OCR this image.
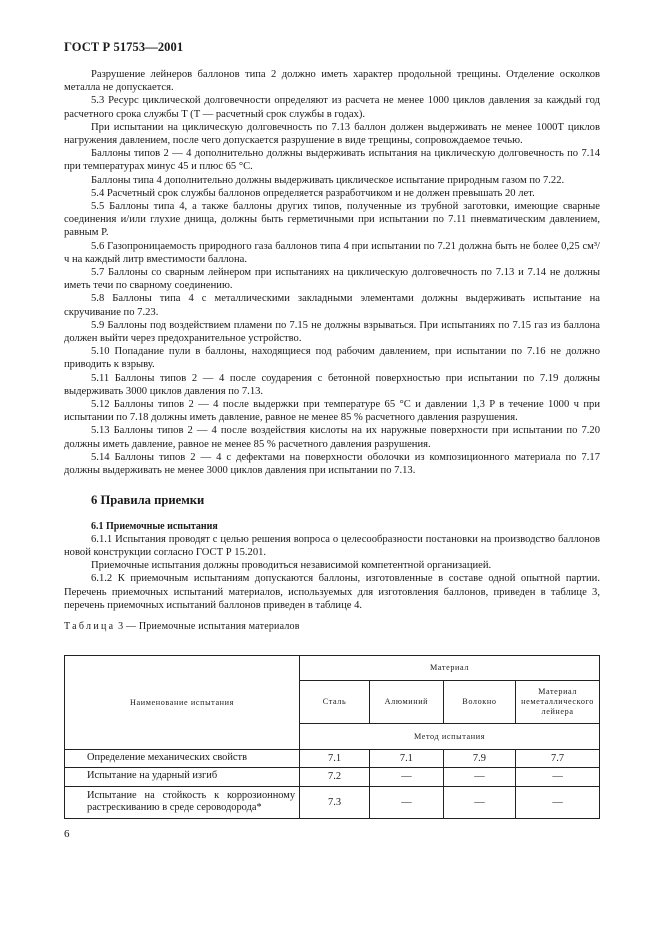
ГОСТ Р 51753—2001

Разрушение лейнеров баллонов типа 2 должно иметь характер продольной трещины. Отделение осколков металла не допускается.

5.3 Ресурс циклической долговечности определяют из расчета не менее 1000 циклов давления за каждый год расчетного срока службы T (T — расчетный срок службы в годах).

При испытании на циклическую долговечность по 7.13 баллон должен выдерживать не менее 1000T циклов нагружения давлением, после чего допускается разрушение в виде трещины, сопровождаемое течью.

Баллоны типов 2 — 4 дополнительно должны выдерживать испытания на циклическую долговечность по 7.14 при температурах минус 45 и плюс 65 °С.

Баллоны типа 4 дополнительно должны выдерживать циклическое испытание природным газом по 7.22.

5.4 Расчетный срок службы баллонов определяется разработчиком и не должен превышать 20 лет.

5.5 Баллоны типа 4, а также баллоны других типов, полученные из трубной заготовки, имеющие сварные соединения и/или глухие днища, должны быть герметичными при испытании по 7.11 пневматическим давлением, равным P.

5.6 Газопроницаемость природного газа баллонов типа 4 при испытании по 7.21 должна быть не более 0,25 см³/ч на каждый литр вместимости баллона.

5.7 Баллоны со сварным лейнером при испытаниях на циклическую долговечность по 7.13 и 7.14 не должны иметь течи по сварному соединению.

5.8 Баллоны типа 4 с металлическими закладными элементами должны выдерживать испытание на скручивание по 7.23.

5.9 Баллоны под воздействием пламени по 7.15 не должны взрываться. При испытаниях по 7.15 газ из баллона должен выйти через предохранительное устройство.

5.10 Попадание пули в баллоны, находящиеся под рабочим давлением, при испытании по 7.16 не должно приводить к взрыву.

5.11 Баллоны типов 2 — 4 после соударения с бетонной поверхностью при испытании по 7.19 должны выдерживать 3000 циклов давления по 7.13.

5.12 Баллоны типов 2 — 4 после выдержки при температуре 65 °С и давлении 1,3 P в течение 1000 ч при испытании по 7.18 должны иметь давление, равное не менее 85 % расчетного давления разрушения.

5.13 Баллоны типов 2 — 4 после воздействия кислоты на их наружные поверхности при испытании по 7.20 должны иметь давление, равное не менее 85 % расчетного давления разрушения.

5.14 Баллоны типов 2 — 4 с дефектами на поверхности оболочки из композиционного материала по 7.17 должны выдерживать не менее 3000 циклов давления при испытании по 7.13.

6 Правила приемки

6.1 Приемочные испытания

6.1.1 Испытания проводят с целью решения вопроса о целесообразности постановки на производство баллонов новой конструкции согласно ГОСТ Р 15.201.

Приемочные испытания должны проводиться независимой компетентной организацией.

6.1.2 К приемочным испытаниям допускаются баллоны, изготовленные в составе одной опытной партии. Перечень приемочных испытаний материалов, используемых для изготовления баллонов, приведен в таблице 3, перечень приемочных испытаний баллонов приведен в таблице 4.

Таблица 3 — Приемочные испытания материалов
Наименование испытания	Материал			
	Сталь	Алюминий	Волокно	Материал неметаллического лейнера
	Метод испытания			
Определение механических свойств	7.1	7.1	7.9	7.7
Испытание на ударный изгиб	7.2	—	—	—
Испытание на стойкость к коррозионному растрескиванию в среде сероводорода*	7.3	—	—	—
6
